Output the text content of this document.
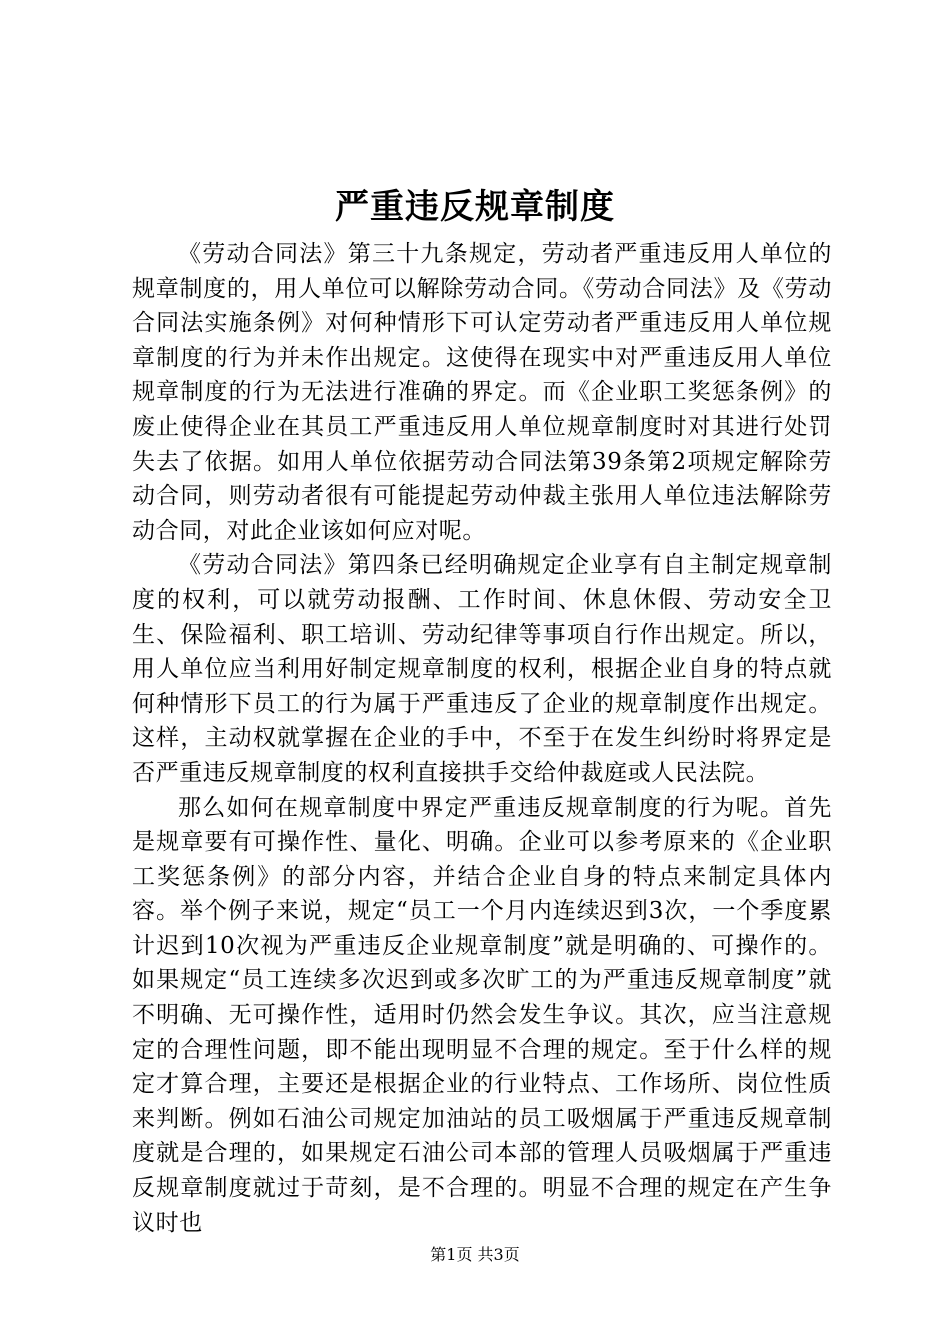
严重违反规章制度

《劳动合同法》第三十九条规定，劳动者严重违反用人单位的规章制度的，用人单位可以解除劳动合同。《劳动合同法》及《劳动合同法实施条例》对何种情形下可认定劳动者严重违反用人单位规章制度的行为并未作出规定。这使得在现实中对严重违反用人单位规章制度的行为无法进行准确的界定。而《企业职工奖惩条例》的废止使得企业在其员工严重违反用人单位规章制度时对其进行处罚失去了依据。如用人单位依据劳动合同法第39条第2项规定解除劳动合同，则劳动者很有可能提起劳动仲裁主张用人单位违法解除劳动合同，对此企业该如何应对呢。

《劳动合同法》第四条已经明确规定企业享有自主制定规章制度的权利，可以就劳动报酬、工作时间、休息休假、劳动安全卫生、保险福利、职工培训、劳动纪律等事项自行作出规定。所以，用人单位应当利用好制定规章制度的权利，根据企业自身的特点就何种情形下员工的行为属于严重违反了企业的规章制度作出规定。这样，主动权就掌握在企业的手中，不至于在发生纠纷时将界定是否严重违反规章制度的权利直接拱手交给仲裁庭或人民法院。

那么如何在规章制度中界定严重违反规章制度的行为呢。首先是规章要有可操作性、量化、明确。企业可以参考原来的《企业职工奖惩条例》的部分内容，并结合企业自身的特点来制定具体内容。举个例子来说，规定“员工一个月内连续迟到3次，一个季度累计迟到10次视为严重违反企业规章制度”就是明确的、可操作的。如果规定“员工连续多次迟到或多次旷工的为严重违反规章制度”就不明确、无可操作性，适用时仍然会发生争议。其次，应当注意规定的合理性问题，即不能出现明显不合理的规定。至于什么样的规定才算合理，主要还是根据企业的行业特点、工作场所、岗位性质来判断。例如石油公司规定加油站的员工吸烟属于严重违反规章制度就是合理的，如果规定石油公司本部的管理人员吸烟属于严重违反规章制度就过于苛刻，是不合理的。明显不合理的规定在产生争议时也

第1页 共3页
